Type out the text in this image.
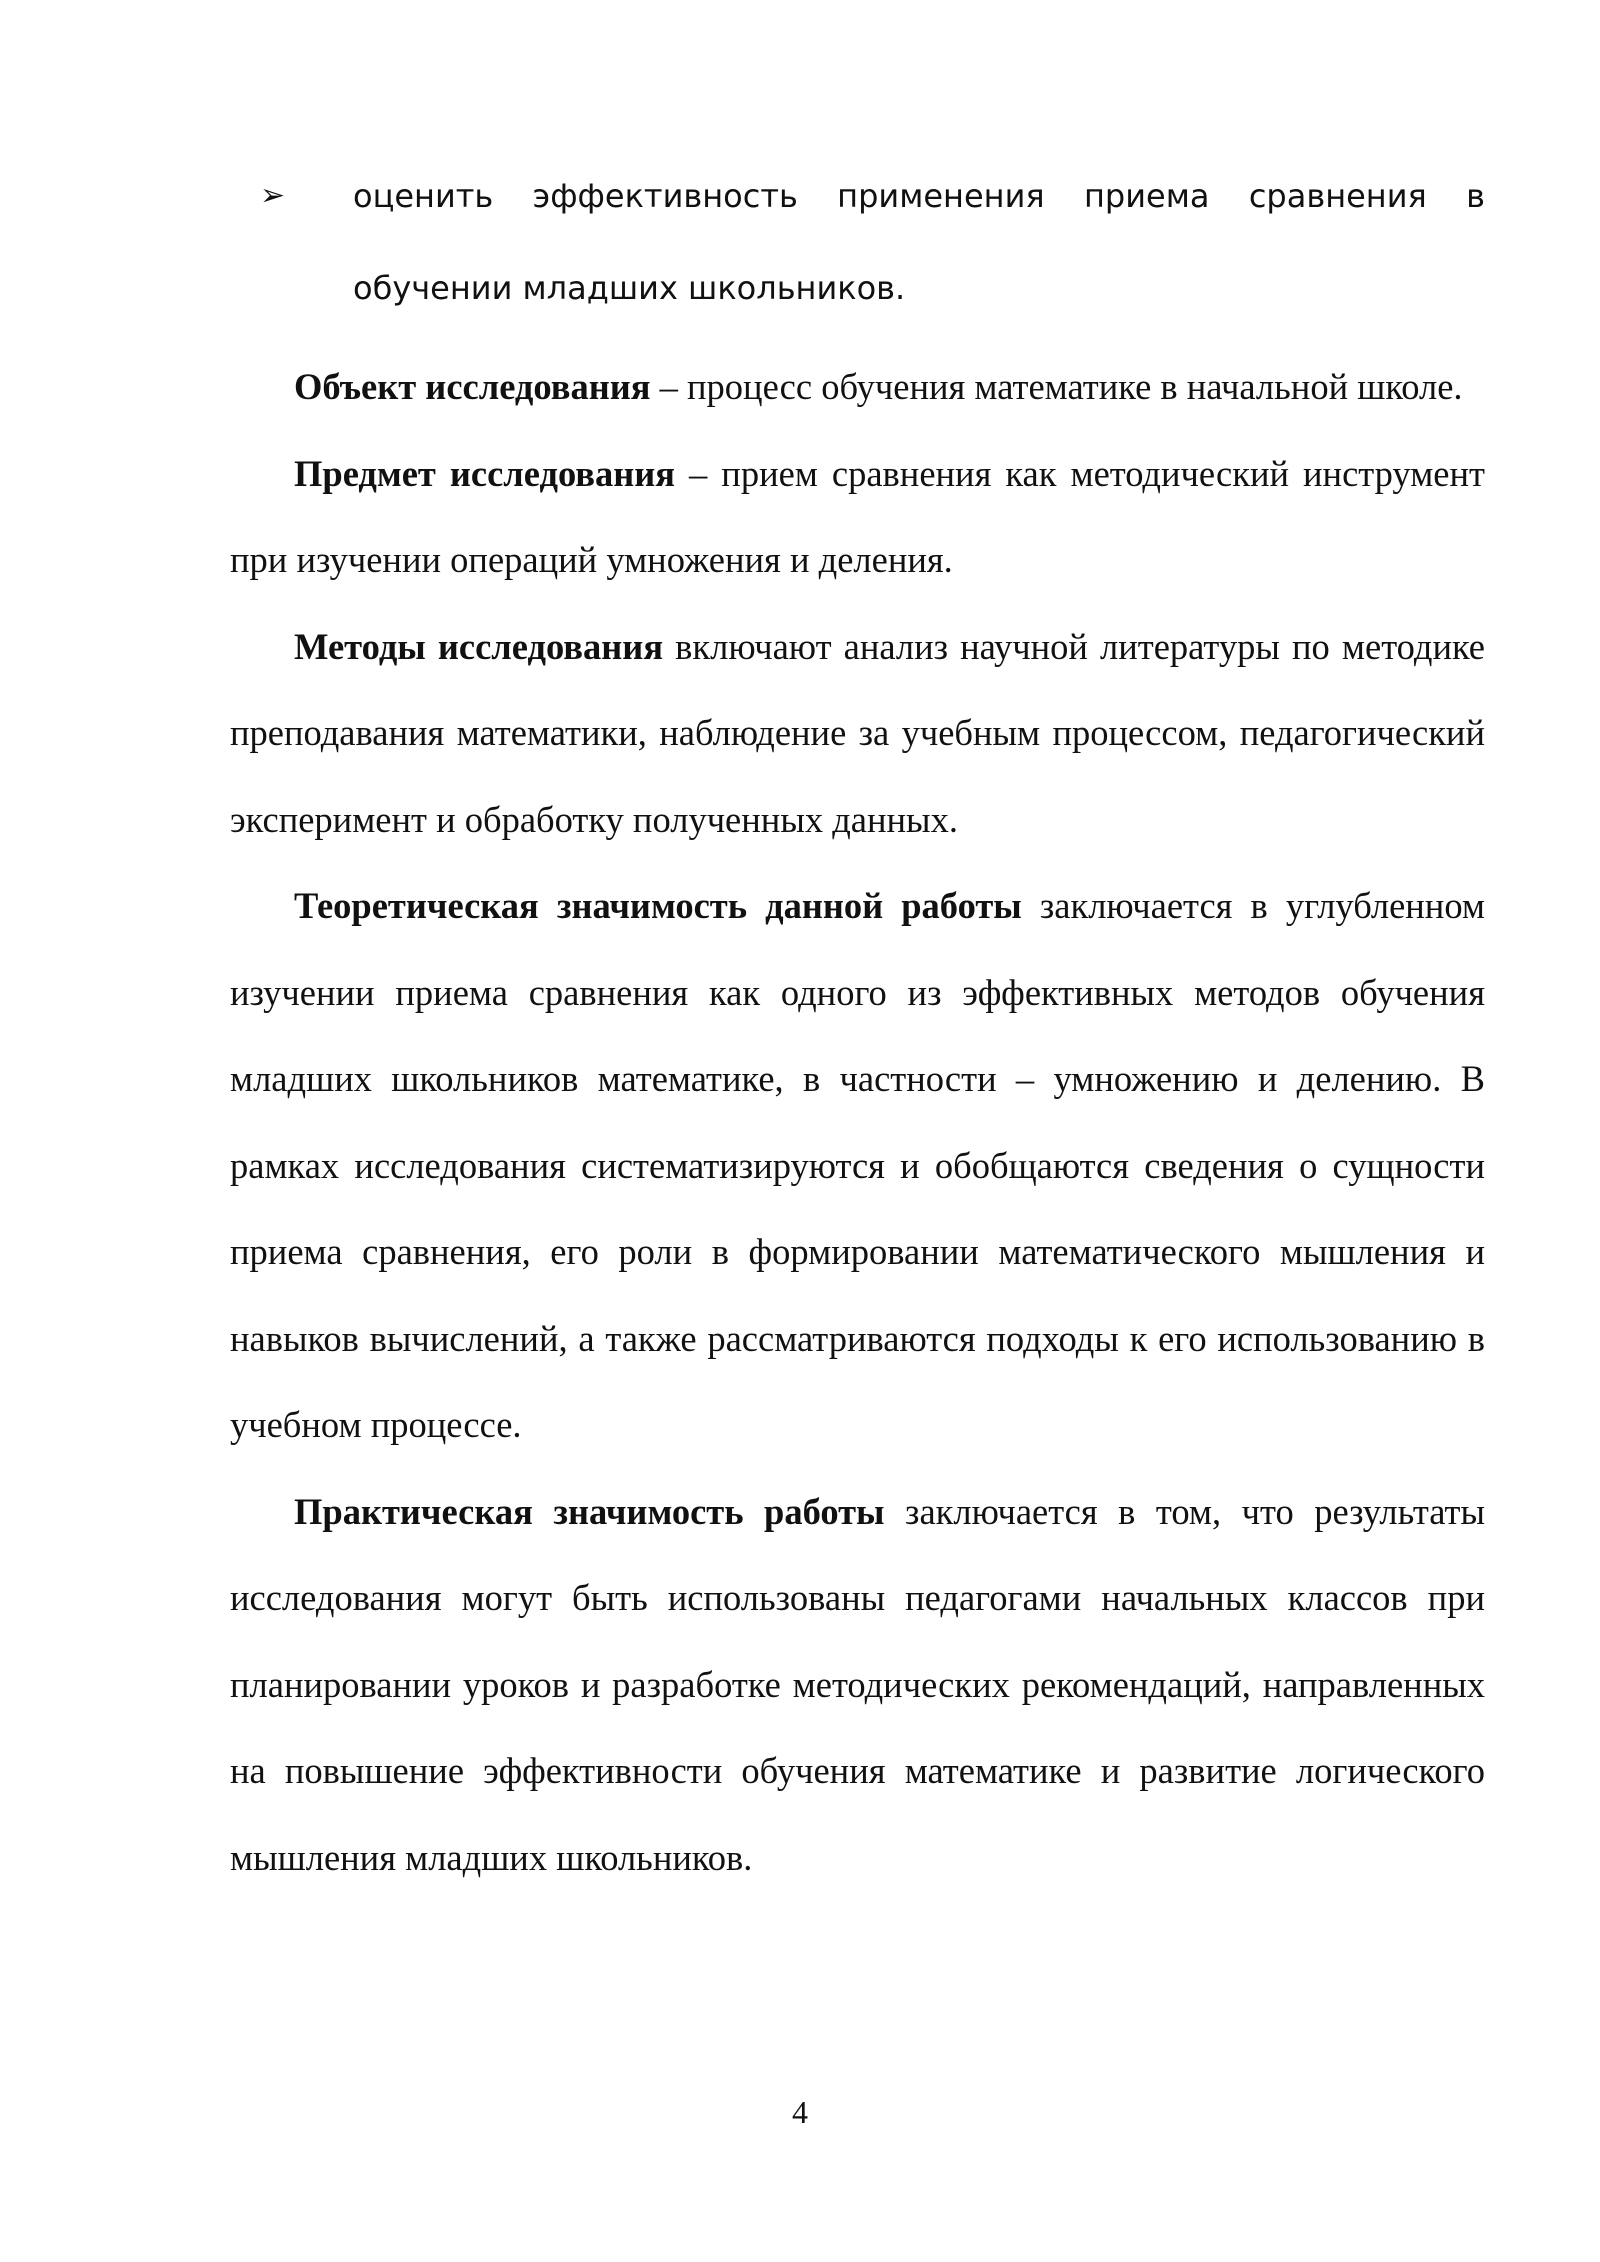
➢	оценить эффективность применения приема сравнения в обучении младших школьников.

Объект исследования – процесс обучения математике в начальной школе.

Предмет исследования – прием сравнения как методический инструмент при изучении операций умножения и деления.

Методы исследования включают анализ научной литературы по методике преподавания математики, наблюдение за учебным процессом, педагогический эксперимент и обработку полученных данных.

Теоретическая значимость данной работы заключается в углубленном изучении приема сравнения как одного из эффективных методов обучения младших школьников математике, в частности – умножению и делению. В рамках исследования систематизируются и обобщаются сведения о сущности приема сравнения, его роли в формировании математического мышления и навыков вычислений, а также рассматриваются подходы к его использованию в учебном процессе.

Практическая значимость работы заключается в том, что результаты исследования могут быть использованы педагогами начальных классов при планировании уроков и разработке методических рекомендаций, направленных на повышение эффективности обучения математике и развитие логического мышления младших школьников.

4
